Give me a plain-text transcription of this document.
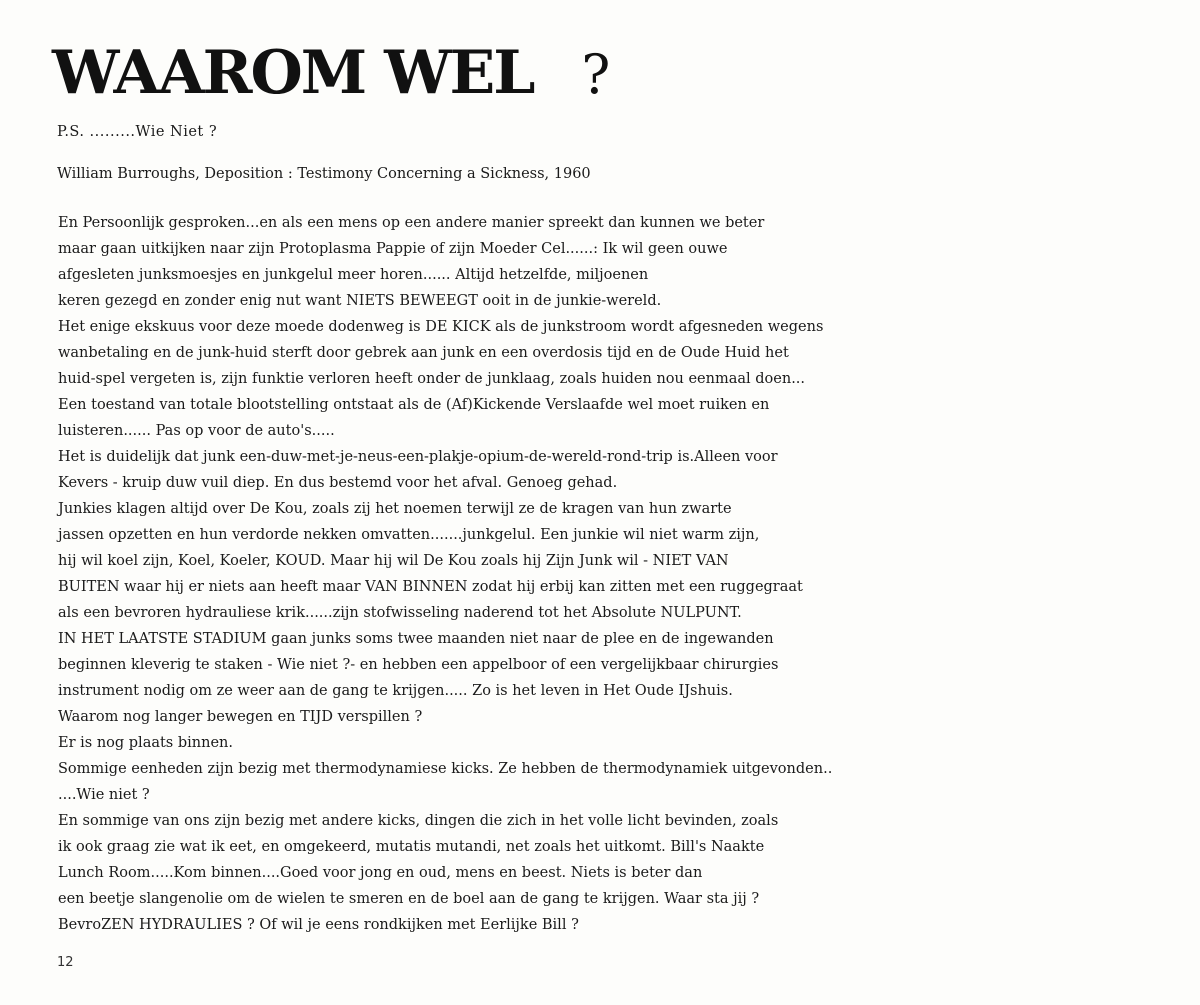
WAAROM WEL ?
P.S. .........Wie Niet ?
William Burroughs, Deposition : Testimony Concerning a Sickness, 1960
En Persoonlijk gesproken...en als een mens op een andere manier spreekt dan kunnen we beter
maar gaan uitkijken naar zijn Protoplasma Pappie of zijn Moeder Cel......: Ik wil geen ouwe
afgesleten junksmoesjes en junkgelul meer horen...... Altijd hetzelfde, miljoenen
keren gezegd en zonder enig nut want NIETS BEWEEGT ooit in de junkie-wereld.
Het enige ekskuus voor deze moede dodenweg is DE KICK als de junkstroom wordt afgesneden wegens
wanbetaling en de junk-huid sterft door gebrek aan junk en een overdosis tijd en de Oude Huid het
huid-spel vergeten is, zijn funktie verloren heeft onder de junklaag, zoals huiden nou eenmaal doen...
Een toestand van totale blootstelling ontstaat als de (Af)Kickende Verslaafde wel moet ruiken en
luisteren...... Pas op voor de auto's.....
Het is duidelijk dat junk een-duw-met-je-neus-een-plakje-opium-de-wereld-rond-trip is.Alleen voor
Kevers - kruip duw vuil diep. En dus bestemd voor het afval. Genoeg gehad.
Junkies klagen altijd over De Kou, zoals zij het noemen terwijl ze de kragen van hun zwarte
jassen opzetten en hun verdorde nekken omvatten.......junkgelul. Een junkie wil niet warm zijn,
hij wil koel zijn, Koel, Koeler, KOUD. Maar hij wil De Kou zoals hij Zijn Junk wil - NIET VAN
BUITEN waar hij er niets aan heeft maar VAN BINNEN zodat hij erbij kan zitten met een ruggegraat
als een bevroren hydrauliese krik......zijn stofwisseling naderend tot het Absolute NULPUNT.
IN HET LAATSTE STADIUM gaan junks soms twee maanden niet naar de plee en de ingewanden
beginnen kleverig te staken - Wie niet ?- en hebben een appelboor of een vergelijkbaar chirurgies
instrument nodig om ze weer aan de gang te krijgen..... Zo is het leven in Het Oude IJshuis.
Waarom nog langer bewegen en TIJD verspillen ?
Er is nog plaats binnen.
Sommige eenheden zijn bezig met thermodynamiese kicks. Ze hebben de thermodynamiek uitgevonden..
....Wie niet ?
En sommige van ons zijn bezig met andere kicks, dingen die zich in het volle licht bevinden, zoals
ik ook graag zie wat ik eet, en omgekeerd, mutatis mutandi, net zoals het uitkomt. Bill's Naakte
Lunch Room.....Kom binnen....Goed voor jong en oud, mens en beest. Niets is beter dan
een beetje slangenolie om de wielen te smeren en de boel aan de gang te krijgen. Waar sta jij ?
BevroZEN HYDRAULIES ? Of wil je eens rondkijken met Eerlijke Bill ?
12
